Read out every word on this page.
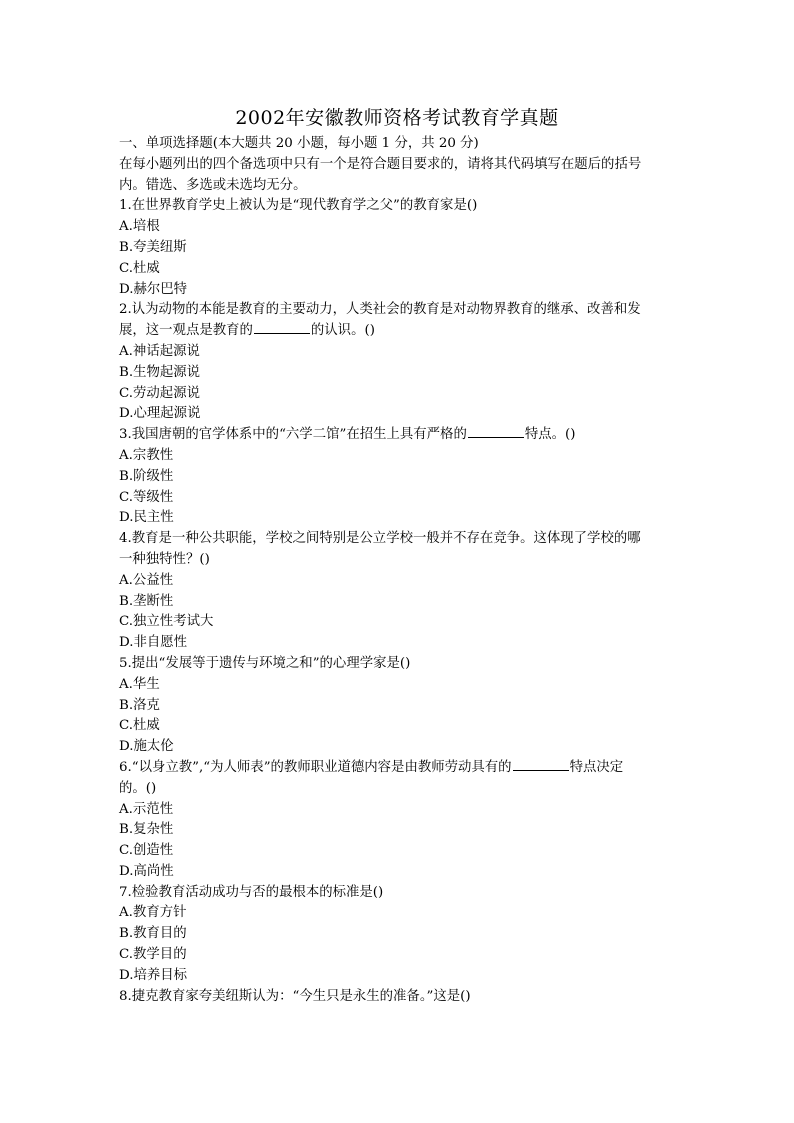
2002年安徽教师资格考试教育学真题
一、单项选择题(本大题共 20 小题，每小题 1 分，共 20 分)
在每小题列出的四个备选项中只有一个是符合题目要求的，请将其代码填写在题后的括号
内。错选、多选或未选均无分。
1.在世界教育学史上被认为是“现代教育学之父”的教育家是()
A.培根
B.夸美纽斯
C.杜威
D.赫尔巴特
2.认为动物的本能是教育的主要动力，人类社会的教育是对动物界教育的继承、改善和发
展，这一观点是教育的	的认识。()
A.神话起源说
B.生物起源说
C.劳动起源说
D.心理起源说
3.我国唐朝的官学体系中的“六学二馆”在招生上具有严格的	特点。()
A.宗教性
B.阶级性
C.等级性
D.民主性
4.教育是一种公共职能，学校之间特别是公立学校一般并不存在竞争。这体现了学校的哪
一种独特性？()
A.公益性
B.垄断性
C.独立性考试大
D.非自愿性
5.提出“发展等于遗传与环境之和”的心理学家是()
A.华生
B.洛克
C.杜威
D.施太伦
6.“以身立教”,“为人师表”的教师职业道德内容是由教师劳动具有的	特点决定
的。()
A.示范性
B.复杂性
C.创造性
D.高尚性
7.检验教育活动成功与否的最根本的标准是()
A.教育方针
B.教育目的
C.教学目的
D.培养目标
8.捷克教育家夸美纽斯认为：“今生只是永生的准备。”这是()
